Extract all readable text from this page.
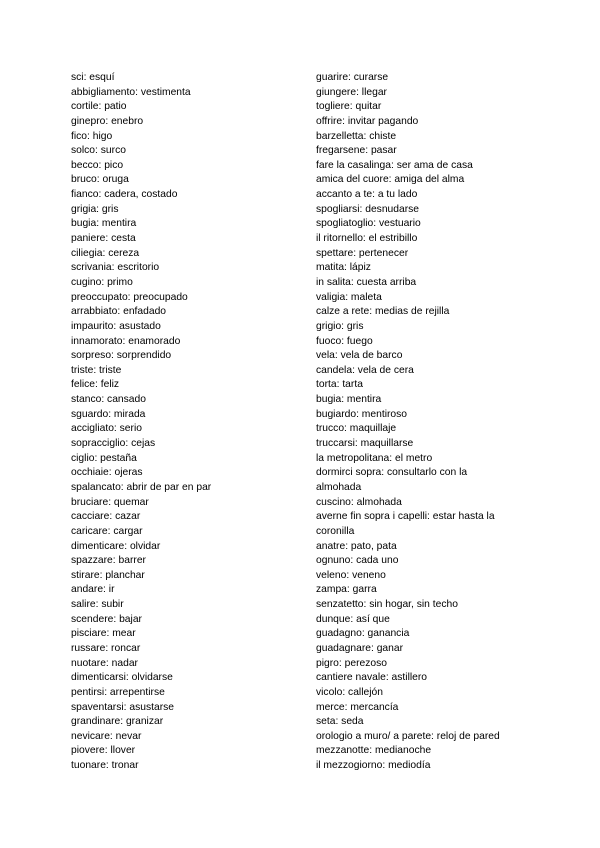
sci: esquí
abbigliamento: vestimenta
cortile: patio
ginepro: enebro
fico: higo
solco: surco
becco: pico
bruco: oruga
fianco: cadera, costado
grigia: gris
bugia: mentira
paniere: cesta
ciliegia: cereza
scrivania: escritorio
cugino: primo
preoccupato: preocupado
arrabbiato: enfadado
impaurito: asustado
innamorato: enamorado
sorpreso: sorprendido
triste: triste
felice: feliz
stanco: cansado
sguardo: mirada
accigliato: serio
sopracciglio: cejas
ciglio: pestaña
occhiaie: ojeras
spalancato: abrir de par en par
bruciare: quemar
cacciare: cazar
caricare: cargar
dimenticare: olvidar
spazzare: barrer
stirare: planchar
andare: ir
salire: subir
scendere: bajar
pisciare: mear
russare: roncar
nuotare: nadar
dimenticarsi: olvidarse
pentirsi: arrepentirse
spaventarsi: asustarse
grandinare: granizar
nevicare: nevar
piovere: llover
tuonare: tronar
guarire: curarse
giungere: llegar
togliere: quitar
offrire: invitar pagando
barzelletta: chiste
fregarsene: pasar
fare la casalinga: ser ama de casa
amica del cuore: amiga del alma
accanto a te: a tu lado
spogliarsi: desnudarse
spogliatoglio: vestuario
il ritornello: el estribillo
spettare: pertenecer
matita: lápiz
in salita: cuesta arriba
valigia: maleta
calze a rete: medias de rejilla
grigio: gris
fuoco: fuego
vela: vela de barco
candela: vela de cera
torta: tarta
bugia: mentira
bugiardo: mentiroso
trucco: maquillaje
truccarsi: maquillarse
la metropolitana: el metro
dormirci sopra: consultarlo con la
almohada
cuscino: almohada
averne fin sopra i capelli: estar hasta la
coronilla
anatre: pato, pata
ognuno: cada uno
veleno: veneno
zampa: garra
senzatetto: sin hogar, sin techo
dunque: así que
guadagno: ganancia
guadagnare: ganar
pigro: perezoso
cantiere navale: astillero
vicolo: callejón
merce: mercancía
seta: seda
orologio a muro/ a parete: reloj de pared
mezzanotte: medianoche
il mezzogiorno: mediodía
